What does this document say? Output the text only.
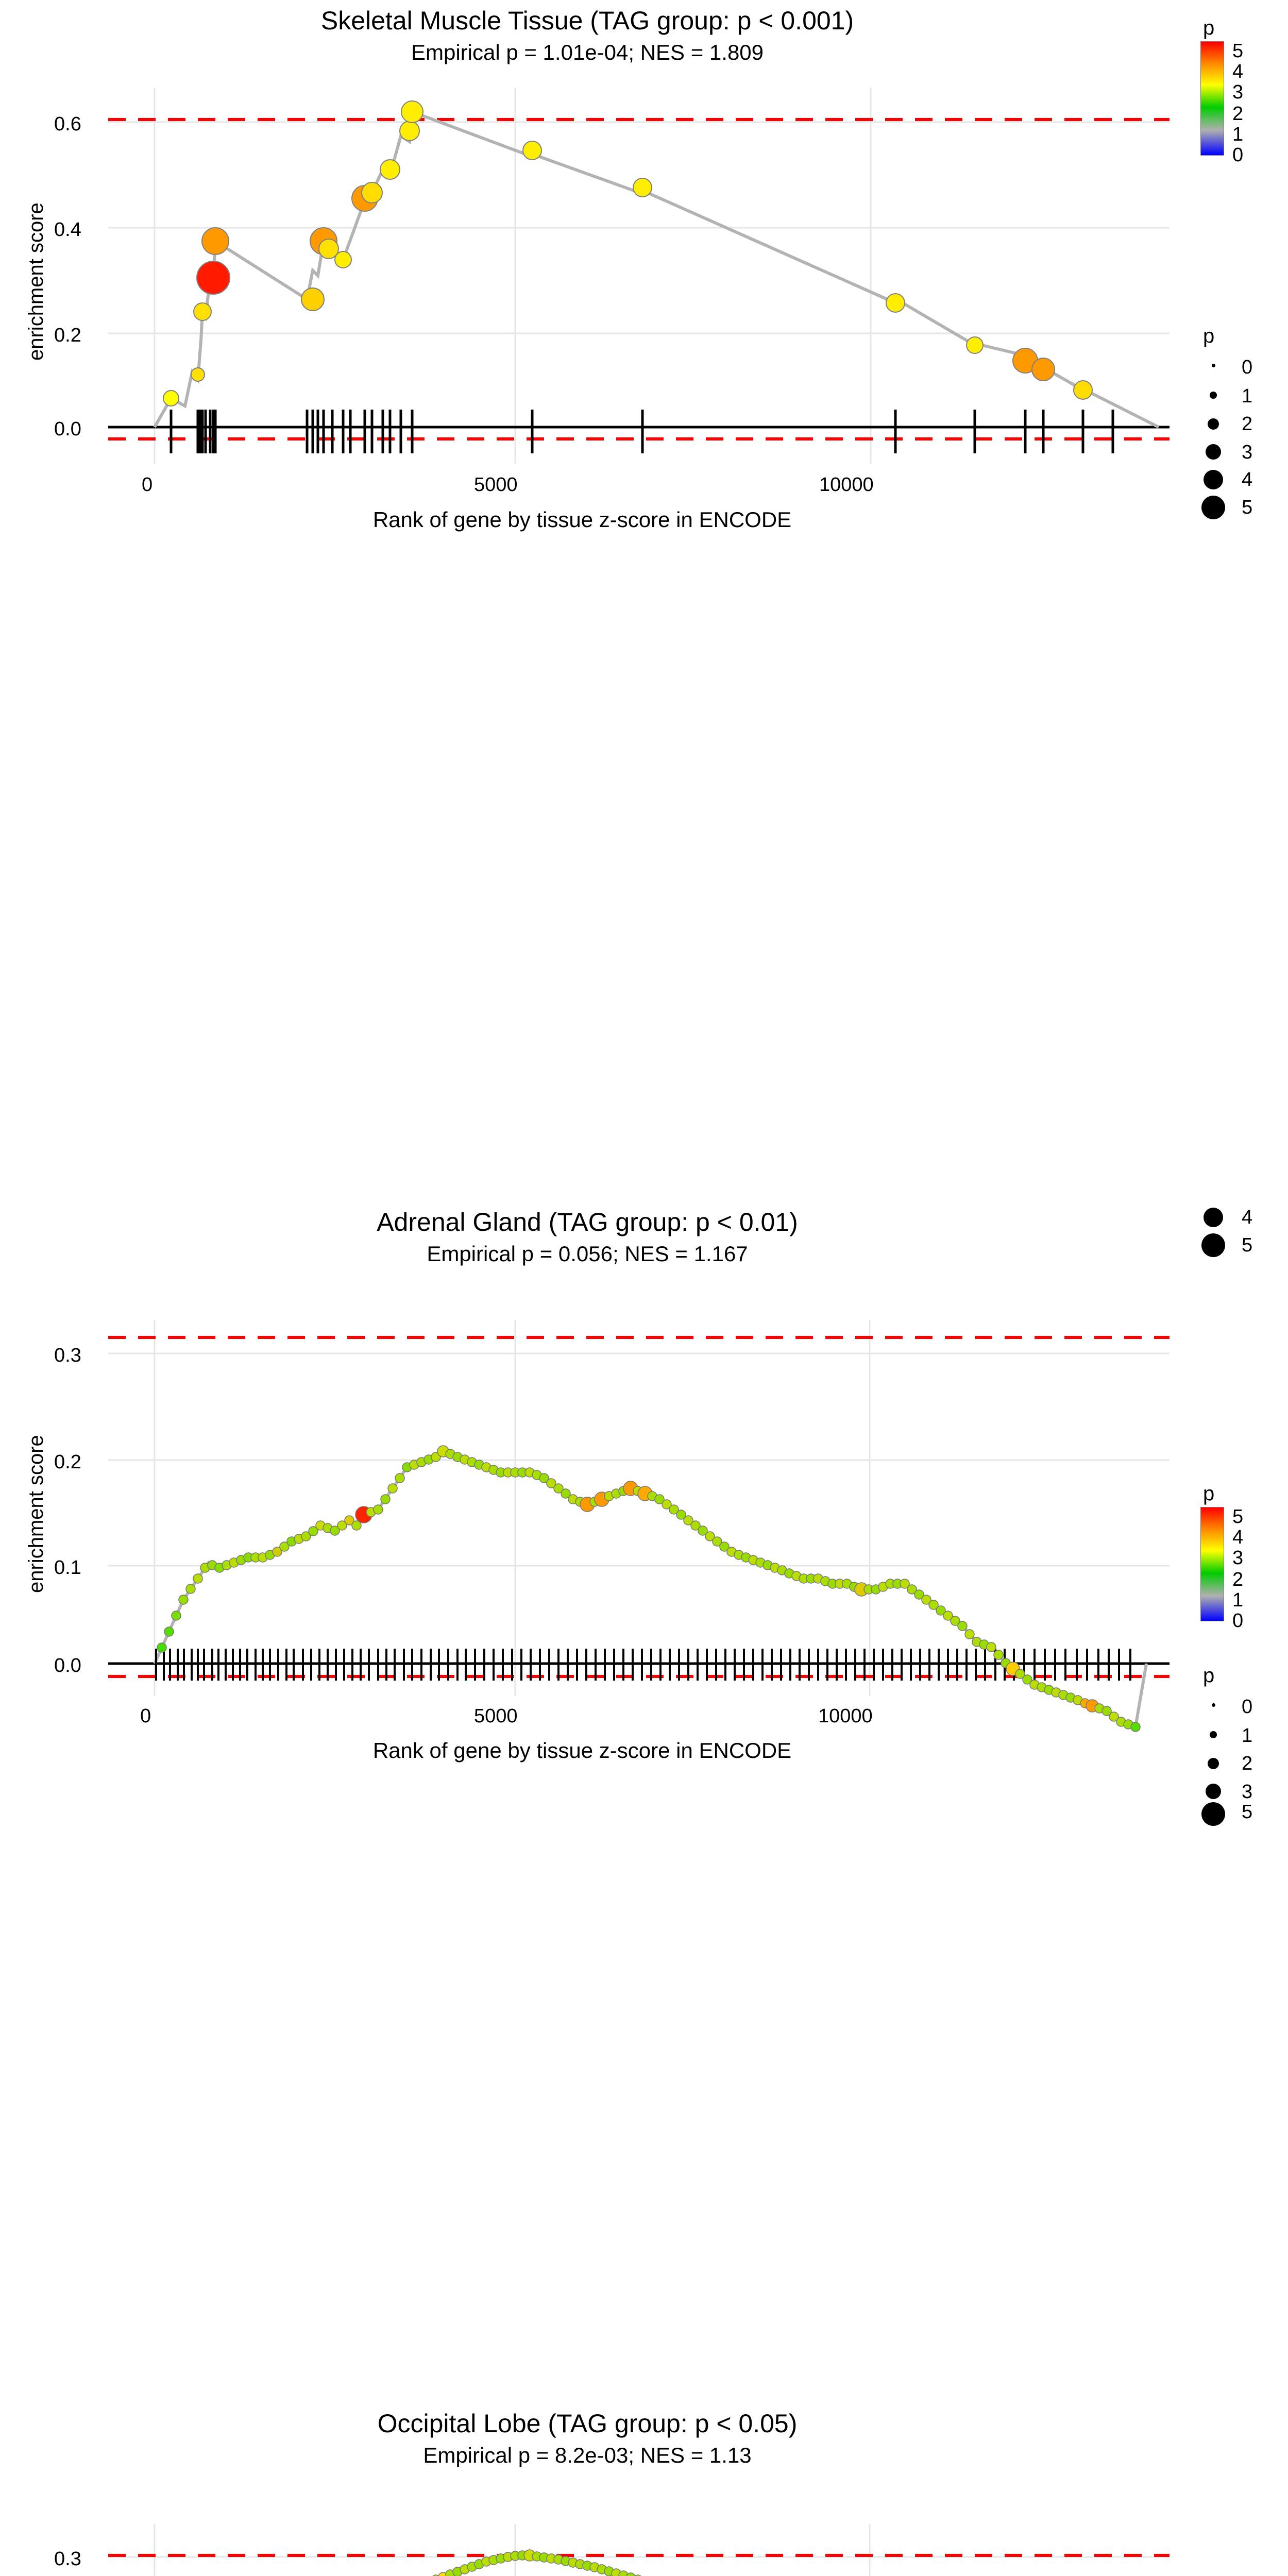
Skeletal Muscle Tissue (TAG group: p < 0.001)
Empirical p = 1.01e-04; NES = 1.809
enrichment score
0.6
0.4
0.2
0.0
0	5000	10000
Rank of gene by tissue z-score in ENCODE
p
5
4
3
2
1
0
p
0
1
2
3
4
5
Adrenal Gland (TAG group: p < 0.01)
Empirical p = 0.056; NES = 1.167
enrichment score
0.3
0.2
0.1
0.0
0	5000	10000
Rank of gene by tissue z-score in ENCODE
p
5
4
3
2
1
0
p
0
1
2
3
4
5
Occipital Lobe (TAG group: p < 0.05)
Empirical p = 8.2e-03; NES = 1.13
0.3
5
